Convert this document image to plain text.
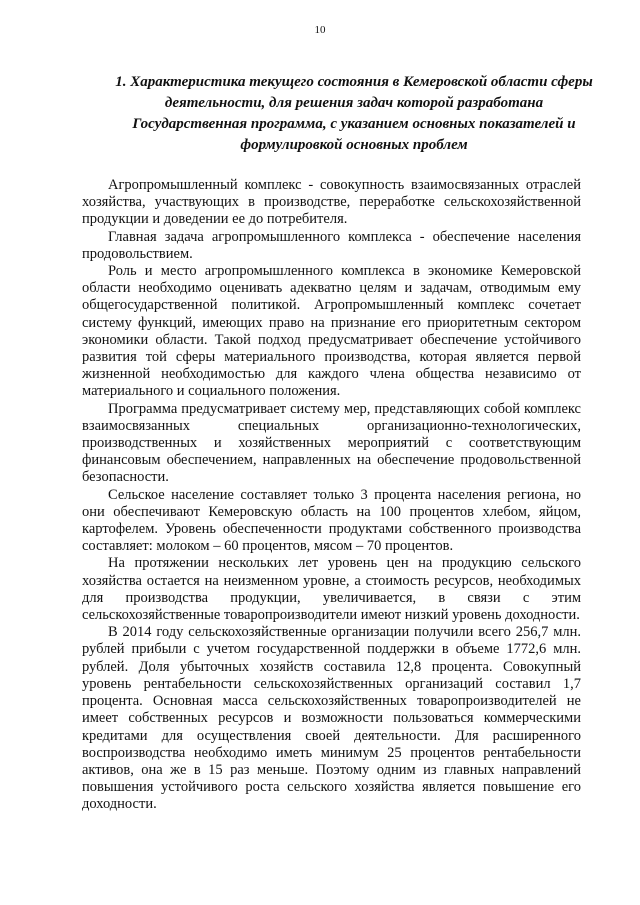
10
1. Характеристика текущего состояния в Кемеровской области сферы деятельности, для решения задач которой разработана Государственная программа, с указанием основных показателей и формулировкой основных проблем

Агропромышленный комплекс - совокупность взаимосвязанных отраслей хозяйства, участвующих в производстве, переработке сельскохозяйственной продукции и доведении ее до потребителя.

Главная задача агропромышленного комплекса - обеспечение населения продовольствием.

Роль и место агропромышленного комплекса в экономике Кемеровской области необходимо оценивать адекватно целям и задачам, отводимым ему общегосударственной политикой. Агропромышленный комплекс сочетает систему функций, имеющих право на признание его приоритетным сектором экономики области. Такой подход предусматривает обеспечение устойчивого развития той сферы материального производства, которая является первой жизненной необходимостью для каждого члена общества независимо от материального и социального положения.

Программа предусматривает систему мер, представляющих собой комплекс взаимосвязанных специальных организационно-технологических, производственных и хозяйственных мероприятий с соответствующим финансовым обеспечением, направленных на обеспечение продовольственной безопасности.

Сельское население составляет только 3 процента населения региона, но они обеспечивают Кемеровскую область на 100 процентов хлебом, яйцом, картофелем. Уровень обеспеченности продуктами собственного производства составляет: молоком – 60 процентов, мясом – 70 процентов.

На протяжении нескольких лет уровень цен на продукцию сельского хозяйства остается на неизменном уровне, а стоимость ресурсов, необходимых для производства продукции, увеличивается, в связи с этим сельскохозяйственные товаропроизводители имеют низкий уровень доходности.

В 2014 году сельскохозяйственные организации получили всего 256,7 млн. рублей прибыли с учетом государственной поддержки в объеме 1772,6 млн. рублей. Доля убыточных хозяйств составила 12,8 процента. Совокупный уровень рентабельности сельскохозяйственных организаций составил 1,7 процента. Основная масса сельскохозяйственных товаропроизводителей не имеет собственных ресурсов и возможности пользоваться коммерческими кредитами для осуществления своей деятельности. Для расширенного воспроизводства необходимо иметь минимум 25 процентов рентабельности активов, она же в 15 раз меньше. Поэтому одним из главных направлений повышения устойчивого роста сельского хозяйства является повышение его доходности.
